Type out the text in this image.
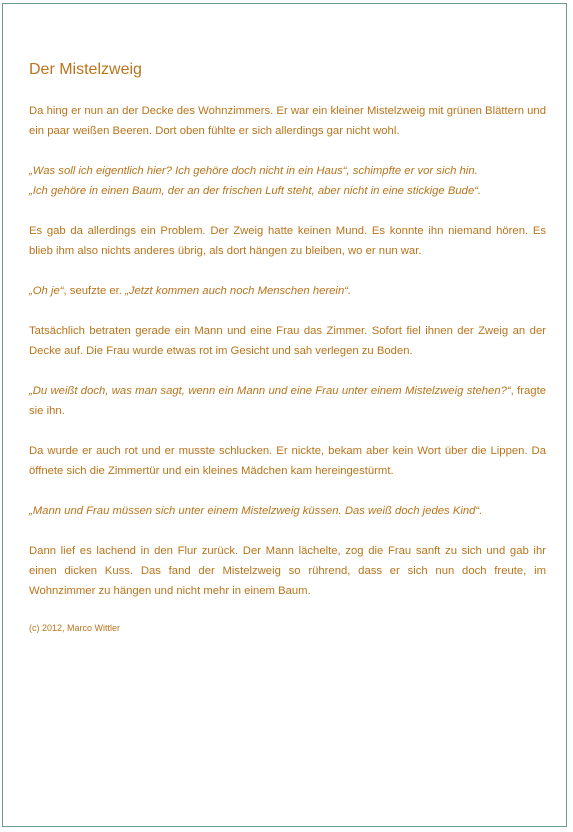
Der Mistelzweig

Da hing er nun an der Decke des Wohnzimmers. Er war ein kleiner Mistelzweig mit grünen Blättern und ein paar weißen Beeren. Dort oben fühlte er sich allerdings gar nicht wohl.

„Was soll ich eigentlich hier? Ich gehöre doch nicht in ein Haus“, schimpfte er vor sich hin.
„Ich gehöre in einen Baum, der an der frischen Luft steht, aber nicht in eine stickige Bude“.

Es gab da allerdings ein Problem. Der Zweig hatte keinen Mund. Es konnte ihn niemand hören. Es blieb ihm also nichts anderes übrig, als dort hängen zu bleiben, wo er nun war.

„Oh je“, seufzte er. „Jetzt kommen auch noch Menschen herein“.

Tatsächlich betraten gerade ein Mann und eine Frau das Zimmer. Sofort fiel ihnen der Zweig an der Decke auf. Die Frau wurde etwas rot im Gesicht und sah verlegen zu Boden.

„Du weißt doch, was man sagt, wenn ein Mann und eine Frau unter einem Mistelzweig stehen?“, fragte sie ihn.

Da wurde er auch rot und er musste schlucken. Er nickte, bekam aber kein Wort über die Lippen. Da öffnete sich die Zimmertür und ein kleines Mädchen kam hereingestürmt.

„Mann und Frau müssen sich unter einem Mistelzweig küssen. Das weiß doch jedes Kind“.

Dann lief es lachend in den Flur zurück. Der Mann lächelte, zog die Frau sanft zu sich und gab ihr einen dicken Kuss. Das fand der Mistelzweig so rührend, dass er sich nun doch freute, im Wohnzimmer zu hängen und nicht mehr in einem Baum.

(c) 2012, Marco Wittler
